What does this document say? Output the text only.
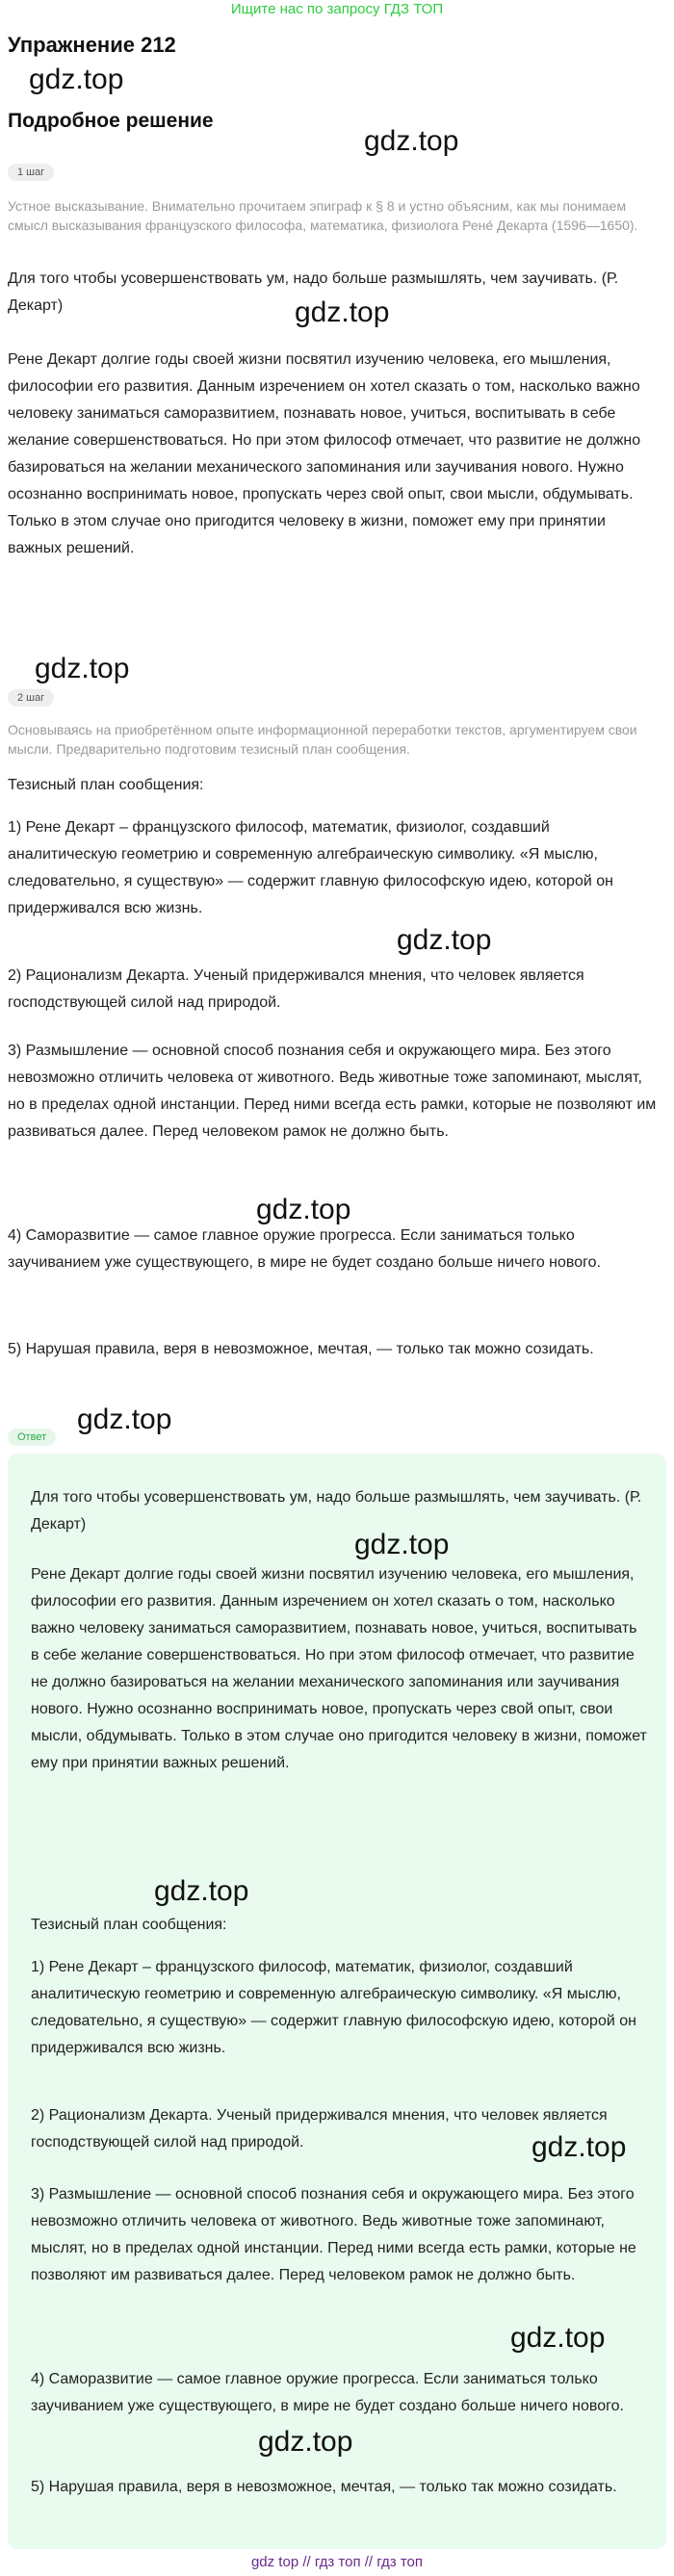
Ищите нас по запросу ГДЗ ТОП
Упражнение 212
gdz.top
Подробное решение
gdz.top
1 шаг
Устное высказывание. Внимательно прочитаем эпиграф к § 8 и устно объясним, как мы понимаем смысл высказывания французского философа, математика, физиолога Рене́ Декарта (1596—1650).
Для того чтобы усовершенствовать ум, надо больше размышлять, чем заучивать. (Р. Декарт)	gdz.top
Рене Декарт долгие годы своей жизни посвятил изучению человека, его мышления, философии его развития. Данным изречением он хотел сказать о том, насколько важно человеку заниматься саморазвитием, познавать новое, учиться, воспитывать в себе желание совершенствоваться. Но при этом философ отмечает, что развитие не должно базироваться на желании механического запоминания или заучивания нового. Нужно осознанно воспринимать новое, пропускать через свой опыт, свои мысли, обдумывать. Только в этом случае оно пригодится человеку в жизни, поможет ему при принятии важных решений.
gdz.top
2 шаг
Основываясь на приобретённом опыте информационной переработки текстов, аргументируем свои мысли. Предварительно подготовим тезисный план сообщения.
Тезисный план сообщения:
1) Рене Декарт – французского философ, математик, физиолог, создавший аналитическую геометрию и современную алгебраическую символику. «Я мыслю, следовательно, я существую» — содержит главную философскую идею, которой он придерживался всю жизнь.
gdz.top
2) Рационализм Декарта. Ученый придерживался мнения, что человек является господствующей силой над природой.
3) Размышление — основной способ познания себя и окружающего мира. Без этого невозможно отличить человека от животного. Ведь животные тоже запоминают, мыслят, но в пределах одной инстанции. Перед ними всегда есть рамки, которые не позволяют им развиваться далее. Перед человеком рамок не должно быть.
gdz.top
4) Саморазвитие — самое главное оружие прогресса. Если заниматься только заучиванием уже существующего, в мире не будет создано больше ничего нового.
5) Нарушая правила, веря в невозможное, мечтая, — только так можно созидать.
gdz.top
Ответ
Для того чтобы усовершенствовать ум, надо больше размышлять, чем заучивать. (Р. Декарт)
gdz.top
Рене Декарт долгие годы своей жизни посвятил изучению человека, его мышления, философии его развития. Данным изречением он хотел сказать о том, насколько важно человеку заниматься саморазвитием, познавать новое, учиться, воспитывать в себе желание совершенствоваться. Но при этом философ отмечает, что развитие не должно базироваться на желании механического запоминания или заучивания нового. Нужно осознанно воспринимать новое, пропускать через свой опыт, свои мысли, обдумывать. Только в этом случае оно пригодится человеку в жизни, поможет ему при принятии важных решений.
gdz.top
Тезисный план сообщения:
1) Рене Декарт – французского философ, математик, физиолог, создавший аналитическую геометрию и современную алгебраическую символику. «Я мыслю, следовательно, я существую» — содержит главную философскую идею, которой он придерживался всю жизнь.
2) Рационализм Декарта. Ученый придерживался мнения, что человек является господствующей силой над природой.	gdz.top
3) Размышление — основной способ познания себя и окружающего мира. Без этого невозможно отличить человека от животного. Ведь животные тоже запоминают, мыслят, но в пределах одной инстанции. Перед ними всегда есть рамки, которые не позволяют им развиваться далее. Перед человеком рамок не должно быть.
gdz.top
4) Саморазвитие — самое главное оружие прогресса. Если заниматься только заучиванием уже существующего, в мире не будет создано больше ничего нового.
gdz.top
5) Нарушая правила, веря в невозможное, мечтая, — только так можно созидать.
gdz top // гдз топ // гдз топ
